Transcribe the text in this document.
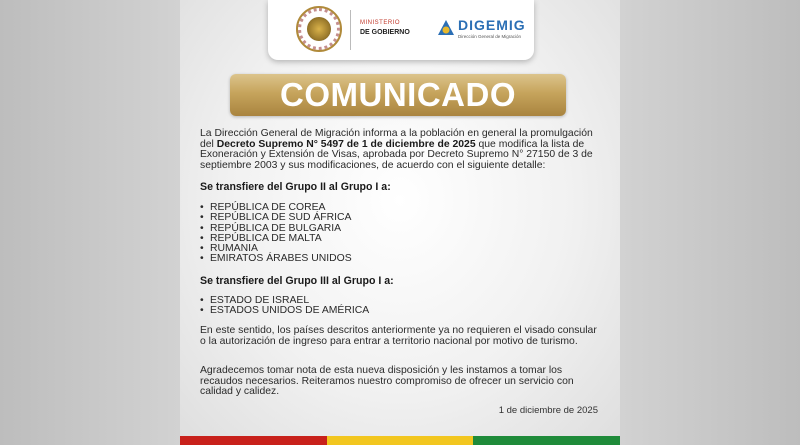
MINISTERIO
DE GOBIERNO	DIGEMIG
Dirección General de Migración
COMUNICADO

La Dirección General de Migración informa a la población en general la promulgación del Decreto Supremo N° 5497 de 1 de diciembre de 2025 que modifica la lista de Exoneración y Extensión de Visas, aprobada por Decreto Supremo N° 27150 de 3 de septiembre 2003 y sus modificaciones, de acuerdo con el siguiente detalle:

Se transfiere del Grupo II al Grupo I a:
• REPÚBLICA DE COREA
• REPÚBLICA DE SUD ÁFRICA
• REPÚBLICA DE BULGARIA
• REPÚBLICA DE MALTA
• RUMANIA
• EMIRATOS ÁRABES UNIDOS
Se transfiere del Grupo III al Grupo I a:
• ESTADO DE ISRAEL
• ESTADOS UNIDOS DE AMÉRICA

En este sentido, los países descritos anteriormente ya no requieren el visado consular o la autorización de ingreso para entrar a territorio nacional por motivo de turismo.

Agradecemos tomar nota de esta nueva disposición y les instamos a tomar los recaudos necesarios. Reiteramos nuestro compromiso de ofrecer un servicio con calidad y calidez.

1 de diciembre de 2025
